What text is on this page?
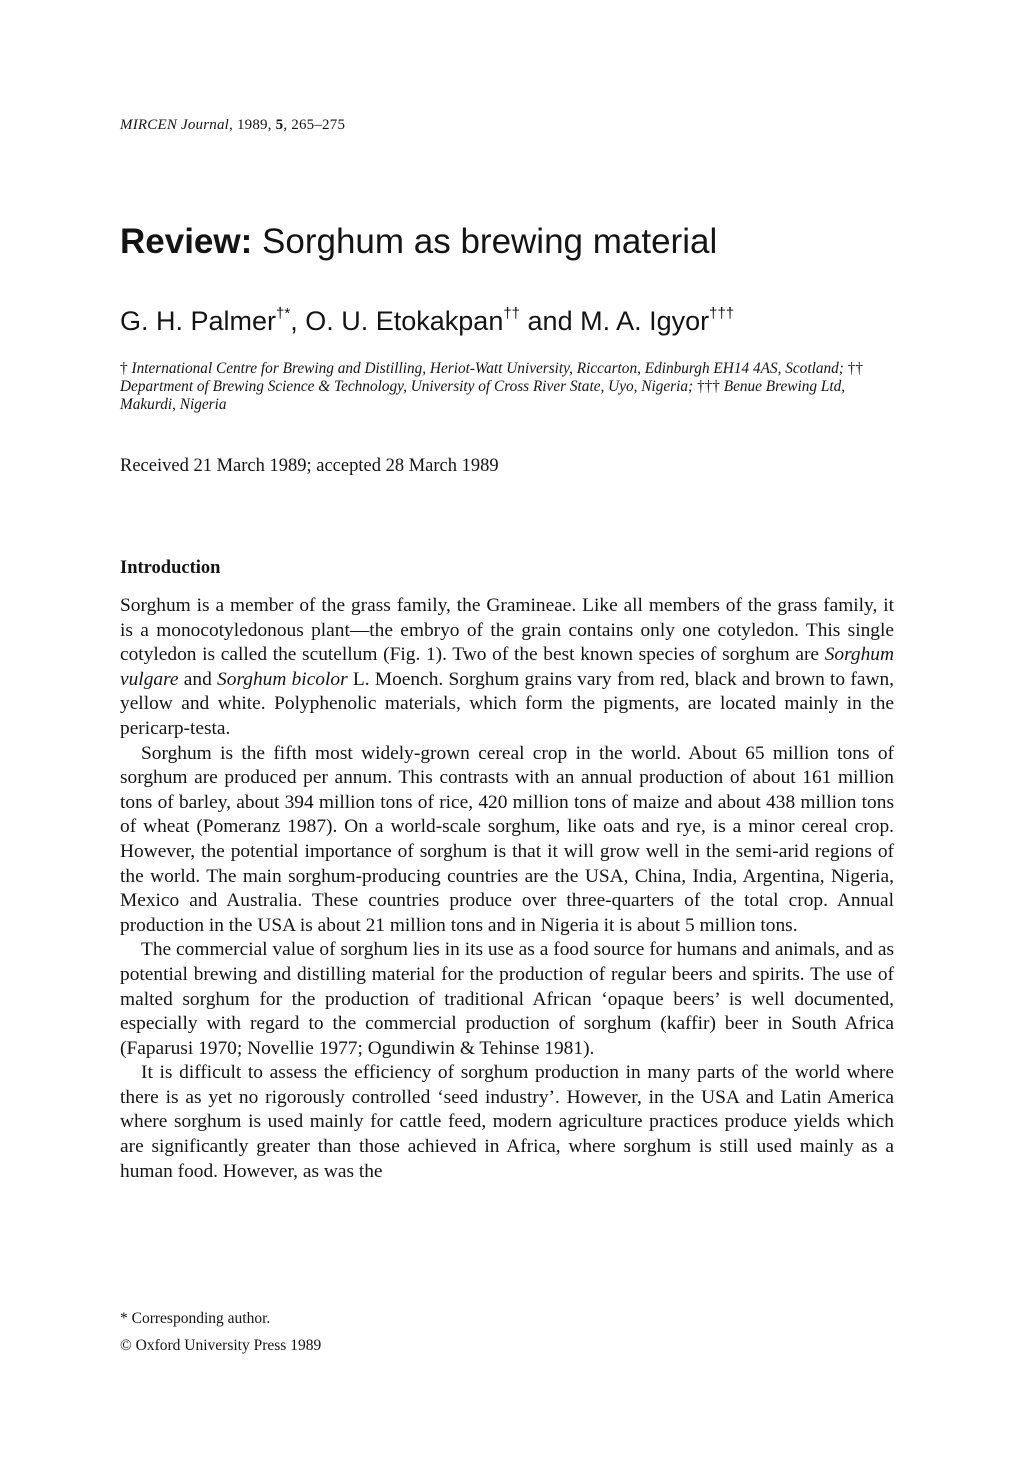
MIRCEN Journal, 1989, 5, 265–275
Review: Sorghum as brewing material
G. H. Palmer†*, O. U. Etokakpan†† and M. A. Igyor†††
† International Centre for Brewing and Distilling, Heriot-Watt University, Riccarton, Edinburgh EH14 4AS, Scotland; †† Department of Brewing Science & Technology, University of Cross River State, Uyo, Nigeria; ††† Benue Brewing Ltd, Makurdi, Nigeria
Received 21 March 1989; accepted 28 March 1989
Introduction

Sorghum is a member of the grass family, the Gramineae. Like all members of the grass family, it is a monocotyledonous plant—the embryo of the grain contains only one cotyledon. This single cotyledon is called the scutellum (Fig. 1). Two of the best known species of sorghum are Sorghum vulgare and Sorghum bicolor L. Moench. Sorghum grains vary from red, black and brown to fawn, yellow and white. Polyphenolic materials, which form the pigments, are located mainly in the pericarp-testa.

Sorghum is the fifth most widely-grown cereal crop in the world. About 65 million tons of sorghum are produced per annum. This contrasts with an annual production of about 161 million tons of barley, about 394 million tons of rice, 420 million tons of maize and about 438 million tons of wheat (Pomeranz 1987). On a world-scale sorghum, like oats and rye, is a minor cereal crop. However, the potential importance of sorghum is that it will grow well in the semi-arid regions of the world. The main sorghum-producing countries are the USA, China, India, Argentina, Nigeria, Mexico and Australia. These countries produce over three-quarters of the total crop. Annual production in the USA is about 21 million tons and in Nigeria it is about 5 million tons.

The commercial value of sorghum lies in its use as a food source for humans and animals, and as potential brewing and distilling material for the production of regular beers and spirits. The use of malted sorghum for the production of traditional African ‘opaque beers’ is well documented, especially with regard to the commercial production of sorghum (kaffir) beer in South Africa (Faparusi 1970; Novellie 1977; Ogundiwin & Tehinse 1981).

It is difficult to assess the efficiency of sorghum production in many parts of the world where there is as yet no rigorously controlled ‘seed industry’. However, in the USA and Latin America where sorghum is used mainly for cattle feed, modern agriculture practices produce yields which are significantly greater than those achieved in Africa, where sorghum is still used mainly as a human food. However, as was the

* Corresponding author.
© Oxford University Press 1989
